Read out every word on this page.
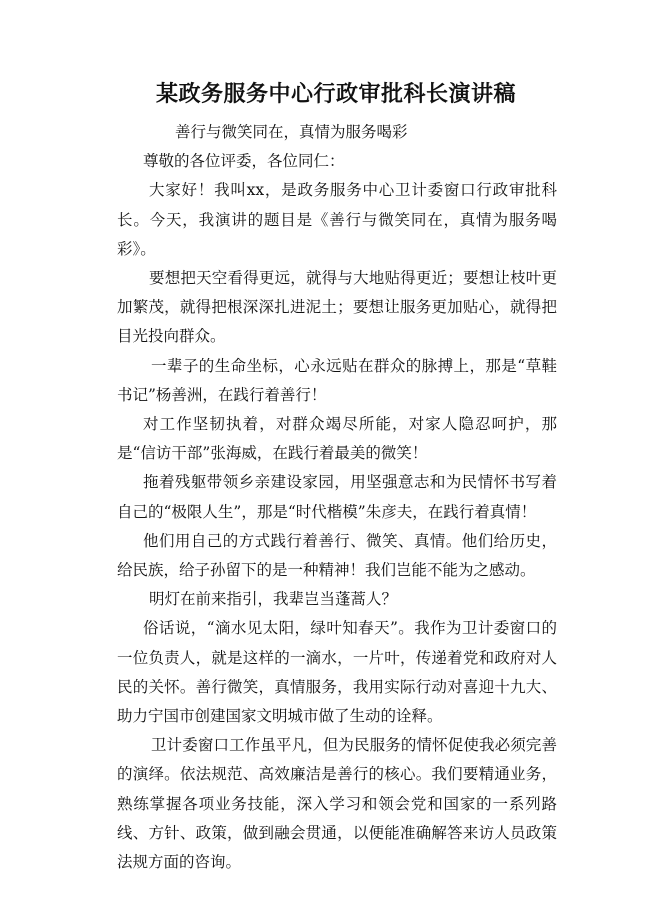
某政务服务中心行政审批科长演讲稿

善行与微笑同在，真情为服务喝彩

尊敬的各位评委，各位同仁：

大家好！我叫xx，是政务服务中心卫计委窗口行政审批科长。今天，我演讲的题目是《善行与微笑同在，真情为服务喝彩》。

要想把天空看得更远，就得与大地贴得更近；要想让枝叶更加繁茂，就得把根深深扎进泥土；要想让服务更加贴心，就得把目光投向群众。

一辈子的生命坐标，心永远贴在群众的脉搏上，那是“草鞋书记”杨善洲，在践行着善行！

对工作坚韧执着，对群众竭尽所能，对家人隐忍呵护，那是“信访干部”张海威，在践行着最美的微笑！

拖着残躯带领乡亲建设家园，用坚强意志和为民情怀书写着自己的“极限人生”，那是“时代楷模”朱彦夫，在践行着真情！

他们用自己的方式践行着善行、微笑、真情。他们给历史，给民族，给子孙留下的是一种精神！我们岂能不能为之感动。

明灯在前来指引，我辈岂当蓬蒿人？

俗话说，“滴水见太阳，绿叶知春天”。我作为卫计委窗口的一位负责人，就是这样的一滴水，一片叶，传递着党和政府对人民的关怀。善行微笑，真情服务，我用实际行动对喜迎十九大、助力宁国市创建国家文明城市做了生动的诠释。

卫计委窗口工作虽平凡，但为民服务的情怀促使我必须完善的演绎。依法规范、高效廉洁是善行的核心。我们要精通业务，熟练掌握各项业务技能，深入学习和领会党和国家的一系列路线、方针、政策，做到融会贯通，以便能准确解答来访人员政策法规方面的咨询。
